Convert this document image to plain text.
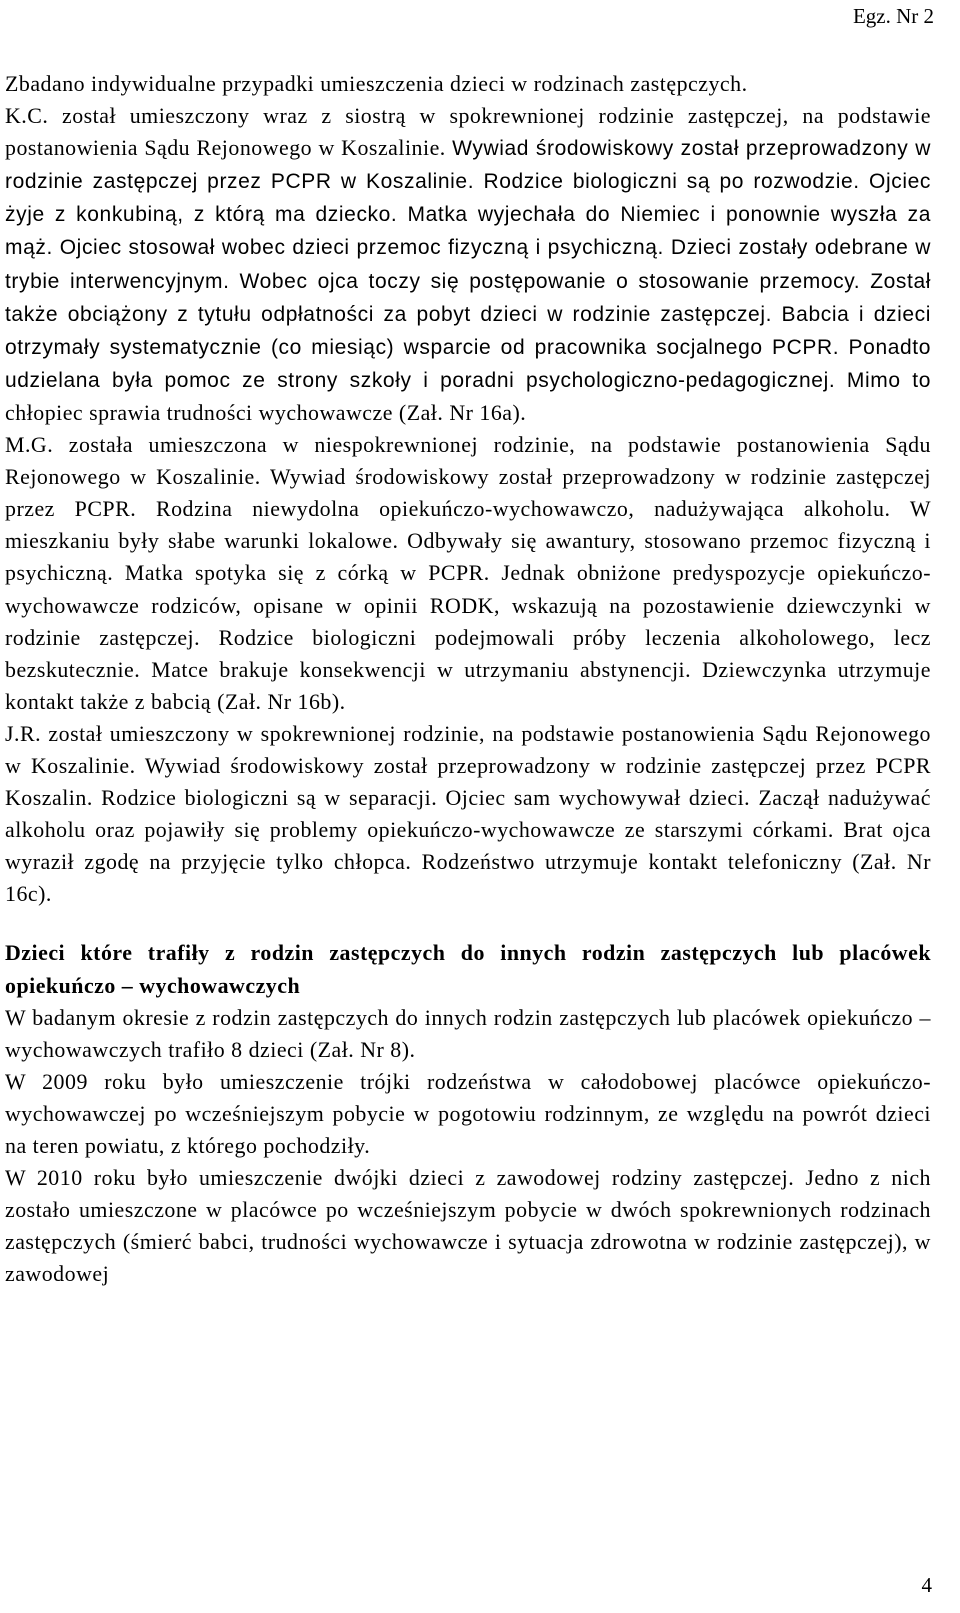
Egz. Nr 2

Zbadano indywidualne przypadki umieszczenia dzieci w rodzinach zastępczych.

K.C. został umieszczony wraz z siostrą w spokrewnionej rodzinie zastępczej, na podstawie postanowienia Sądu Rejonowego w Koszalinie. Wywiad środowiskowy został przeprowadzony w rodzinie zastępczej przez PCPR w Koszalinie. Rodzice biologiczni są po rozwodzie. Ojciec żyje z konkubiną, z którą ma dziecko. Matka wyjechała do Niemiec i ponownie wyszła za mąż. Ojciec stosował wobec dzieci przemoc fizyczną i psychiczną. Dzieci zostały odebrane w trybie interwencyjnym. Wobec ojca toczy się postępowanie o stosowanie przemocy. Został także obciążony z tytułu odpłatności za pobyt dzieci w rodzinie zastępczej. Babcia i dzieci otrzymały systematycznie (co miesiąc) wsparcie od pracownika socjalnego PCPR. Ponadto udzielana była pomoc ze strony szkoły i poradni psychologiczno-pedagogicznej. Mimo to chłopiec sprawia trudności wychowawcze (Zał. Nr 16a).

M.G. została umieszczona w niespokrewnionej rodzinie, na podstawie postanowienia Sądu Rejonowego w Koszalinie. Wywiad środowiskowy został przeprowadzony w rodzinie zastępczej przez PCPR. Rodzina niewydolna opiekuńczo-wychowawczo, nadużywająca alkoholu. W mieszkaniu były słabe warunki lokalowe. Odbywały się awantury, stosowano przemoc fizyczną i psychiczną. Matka spotyka się z córką w PCPR. Jednak obniżone predyspozycje opiekuńczo-wychowawcze rodziców, opisane w opinii RODK, wskazują na pozostawienie dziewczynki w rodzinie zastępczej. Rodzice biologiczni podejmowali próby leczenia alkoholowego, lecz bezskutecznie. Matce brakuje konsekwencji w utrzymaniu abstynencji. Dziewczynka utrzymuje kontakt także z babcią (Zał. Nr 16b).

J.R. został umieszczony w spokrewnionej rodzinie, na podstawie postanowienia Sądu Rejonowego w Koszalinie. Wywiad środowiskowy został przeprowadzony w rodzinie zastępczej przez PCPR Koszalin. Rodzice biologiczni są w separacji. Ojciec sam wychowywał dzieci. Zaczął nadużywać alkoholu oraz pojawiły się problemy opiekuńczo-wychowawcze ze starszymi córkami. Brat ojca wyraził zgodę na przyjęcie tylko chłopca. Rodzeństwo utrzymuje kontakt telefoniczny (Zał. Nr 16c).

Dzieci które trafiły z rodzin zastępczych do innych rodzin zastępczych lub placówek opiekuńczo – wychowawczych

W badanym okresie z rodzin zastępczych do innych rodzin zastępczych lub placówek opiekuńczo – wychowawczych trafiło 8 dzieci (Zał. Nr 8).

W 2009 roku było umieszczenie trójki rodzeństwa w całodobowej placówce opiekuńczo-wychowawczej po wcześniejszym pobycie w pogotowiu rodzinnym, ze względu na powrót dzieci na teren powiatu, z którego pochodziły.

W 2010 roku było umieszczenie dwójki dzieci z zawodowej rodziny zastępczej. Jedno z nich zostało umieszczone w placówce po wcześniejszym pobycie w dwóch spokrewnionych rodzinach zastępczych (śmierć babci, trudności wychowawcze i sytuacja zdrowotna w rodzinie zastępczej), w zawodowej

4
